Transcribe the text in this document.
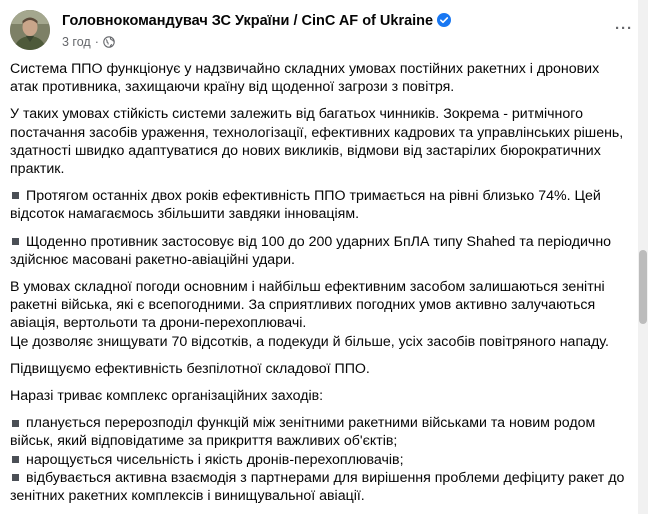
Головнокомандувач ЗС України / CinC AF of Ukraine
3 год ·
···

Система ППО функціонує у надзвичайно складних умовах постійних ракетних і дронових атак противника, захищаючи країну від щоденної загрози з повітря.

У таких умовах стійкість системи залежить від багатьох чинників. Зокрема - ритмічного постачання засобів ураження, технологізації, ефективних кадрових та управлінських рішень, здатності швидко адаптуватися до нових викликів, відмови від застарілих бюрократичних практик.

Протягом останніх двох років ефективність ППО тримається на рівні близько 74%. Цей відсоток намагаємось збільшити завдяки інноваціям.

Щоденно противник застосовує від 100 до 200 ударних БпЛА типу Shahed та періодично здійснює масовані ракетно-авіаційні удари.

В умовах складної погоди основним і найбільш ефективним засобом залишаються зенітні ракетні війська, які є всепогодними. За сприятливих погодних умов активно залучаються авіація, вертольоти та дрони-перехоплювачі.

Це дозволяє знищувати 70 відсотків, а подекуди й більше, усіх засобів повітряного нападу.

Підвищуємо ефективність безпілотної складової ППО.

Наразі триває комплекс організаційних заходів:

планується перерозподіл функцій між зенітними ракетними військами та новим родом військ, який відповідатиме за прикриття важливих об'єктів;

нарощується чисельність і якість дронів-перехоплювачів;

відбувається активна взаємодія з партнерами для вирішення проблеми дефіциту ракет до зенітних ракетних комплексів і винищувальної авіації.
